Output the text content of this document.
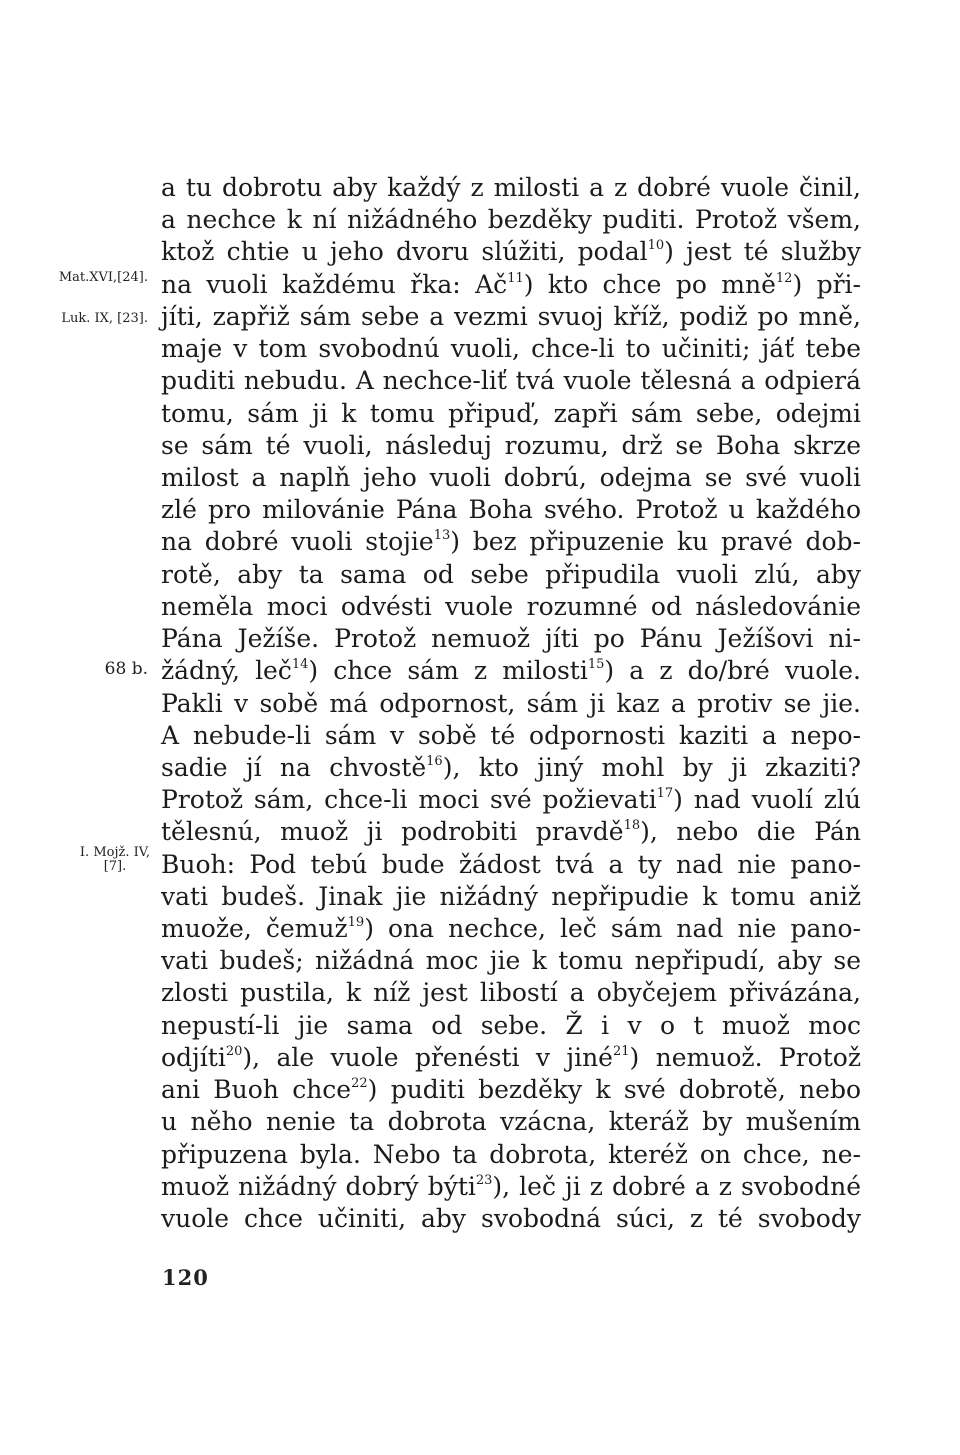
Mat.XVI,[24].
Luk. IX, [23].
68 b.
I. Mojž. IV,
[7].
a tu dobrotu aby každý z milosti a z dobré vuole činil,
a nechce k ní nižádného bezděky puditi. Protož všem,
ktož chtie u jeho dvoru slúžiti, podal$^{10}$) jest té služby
na vuoli každému řka: $Ač^{11}$) kto chce po mně$^{12}$) při-
jíti, zapřiž sám sebe a vezmi svuoj kříž, podiž po mně,
maje v tom svobodnú vuoli, chce-li to učiniti; jáť tebe
puditi nebudu. A nechce-liť tvá vuole tělesná a odpierá
tomu, sám ji k tomu připuď, zapři sám sebe, odejmi
se sám té vuoli, následuj rozumu, drž se Boha skrze
milost a naplň jeho vuoli dobrú, odejma se své vuoli
zlé pro milovánie Pána Boha svého. Protož u každého
na dobré vuoli stojie$^{13}$) bez připuzenie ku pravé dob-
rotě, aby ta sama od sebe připudila vuoli zlú, aby
neměla moci odvésti vuole rozumné od následovánie
Pána Ježíše. Protož nemuož jíti po Pánu Ježíšovi ni-
žádný, leč$^{14}$) chce sám z milosti$^{15}$) a z do/bré vuole.
Pakli v sobě má odpornost, sám ji kaz a protiv se jie.
A nebude-li sám v sobě té odpornosti kaziti a nepo-
sadie jí na chvostě$^{16}$), kto jiný mohl by ji zkaziti?
Protož sám, chce-li moci své požievati$^{17}$) nad vuolí zlú
tělesnú, muož ji podrobiti pravdě$^{18}$), nebo die Pán
Buoh: Pod tebú bude žádost tvá a ty nad nie pano-
vati budeš. Jinak jie nižádný nepřipudie k tomu aniž
muože, čemuž$^{19}$) ona nechce, leč sám nad nie pano-
vati budeš; nižádná moc jie k tomu nepřipudí, aby se
zlosti pustila, k níž jest libostí a obyčejem přivázána,
nepustí-li jie sama od sebe. Ž i v o t muož moc
odjíti$^{20}$), ale vuole přenésti v jiné$^{21}$) nemuož. Protož
ani Buoh chce$^{22}$) puditi bezděky k své dobrotě, nebo
u něho nenie ta dobrota vzácna, kteráž by mušením
připuzena byla. Nebo ta dobrota, kteréž on chce, ne-
muož nižádný dobrý býti$^{23}$), leč ji z dobré a z svobodné
vuole chce učiniti, aby svobodná súci, z té svobody
120
